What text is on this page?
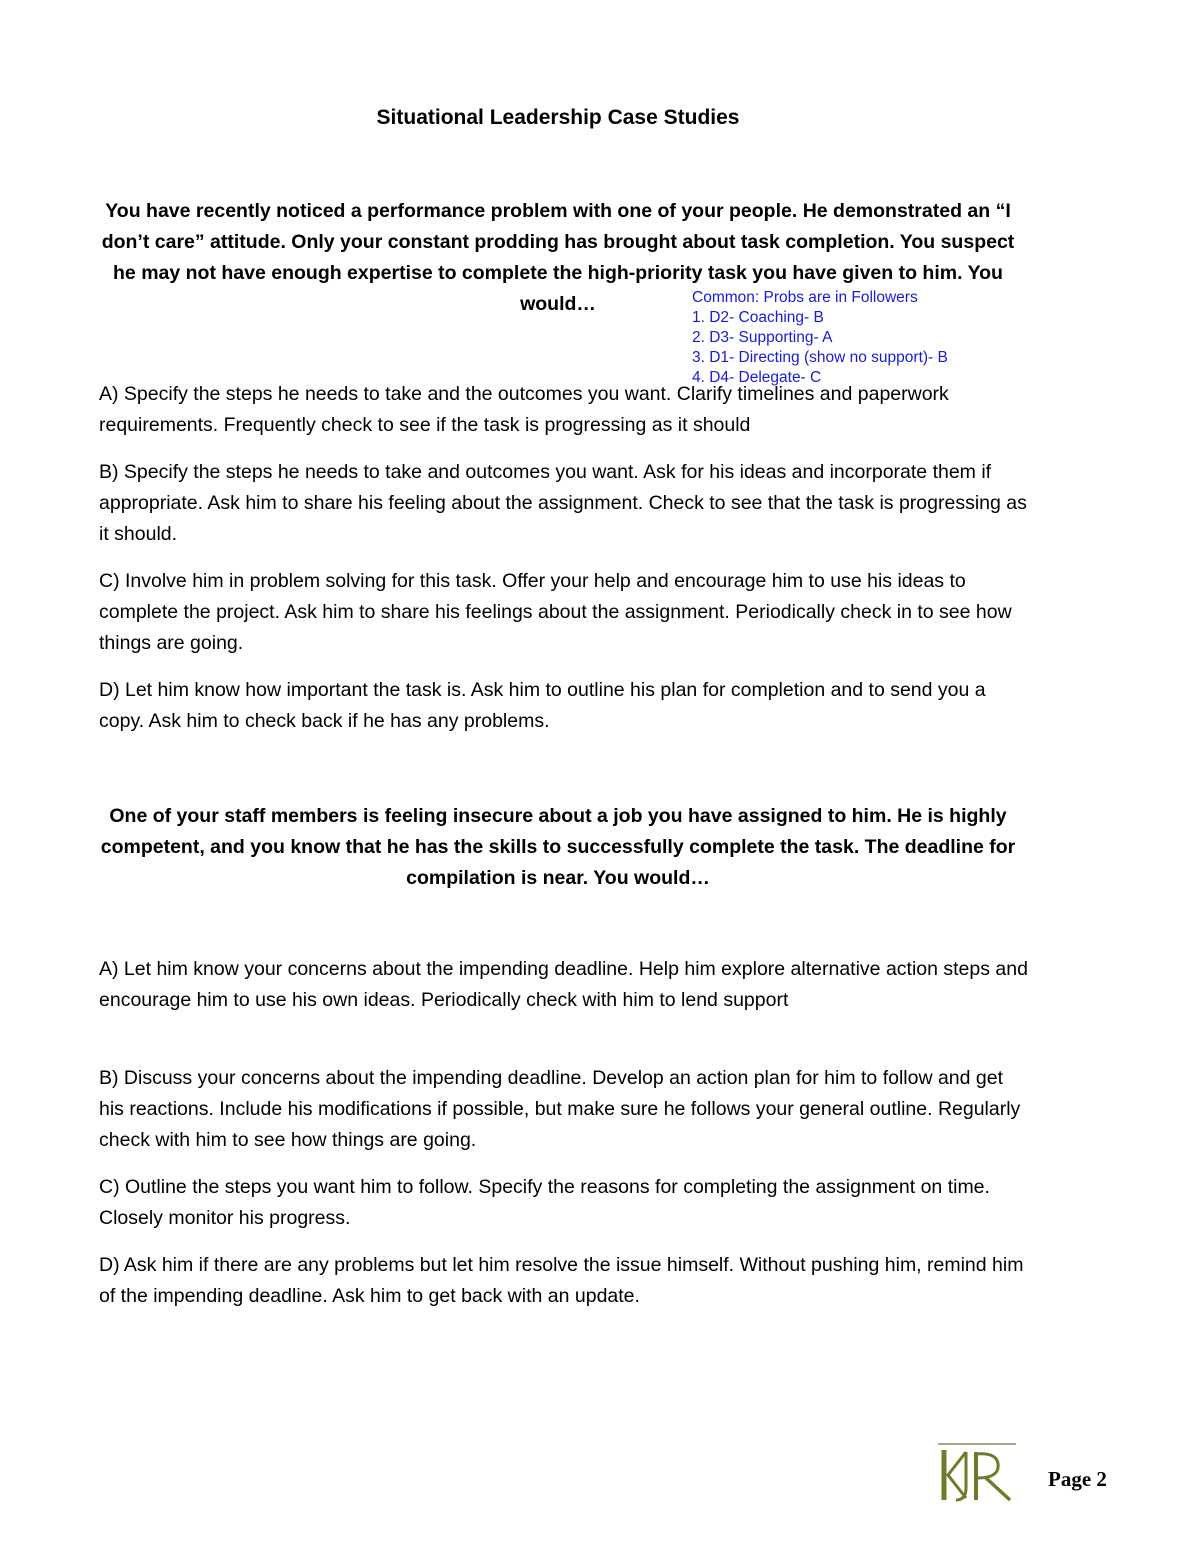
Situational Leadership Case Studies
You have recently noticed a performance problem with one of your people. He demonstrated an “I don’t care” attitude. Only your constant prodding has brought about task completion. You suspect he may not have enough expertise to complete the high-priority task you have given to him. You would…	Common: Probs are in Followers
1. D2- Coaching- B
2. D3- Supporting- A
3. D1- Directing (show no support)- B
4. D4- Delegate- C
A) Specify the steps he needs to take and the outcomes you want. Clarify timelines and paperwork requirements. Frequently check to see if the task is progressing as it should
B) Specify the steps he needs to take and outcomes you want. Ask for his ideas and incorporate them if appropriate. Ask him to share his feeling about the assignment. Check to see that the task is progressing as it should.
C) Involve him in problem solving for this task. Offer your help and encourage him to use his ideas to complete the project. Ask him to share his feelings about the assignment. Periodically check in to see how things are going.
D) Let him know how important the task is. Ask him to outline his plan for completion and to send you a copy. Ask him to check back if he has any problems.
One of your staff members is feeling insecure about a job you have assigned to him. He is highly competent, and you know that he has the skills to successfully complete the task. The deadline for compilation is near. You would…
A) Let him know your concerns about the impending deadline. Help him explore alternative action steps and encourage him to use his own ideas. Periodically check with him to lend support
B) Discuss your concerns about the impending deadline. Develop an action plan for him to follow and get his reactions. Include his modifications if possible, but make sure he follows your general outline. Regularly check with him to see how things are going.
C) Outline the steps you want him to follow. Specify the reasons for completing the assignment on time. Closely monitor his progress.
D) Ask him if there are any problems but let him resolve the issue himself. Without pushing him, remind him of the impending deadline. Ask him to get back with an update.
Page 2
